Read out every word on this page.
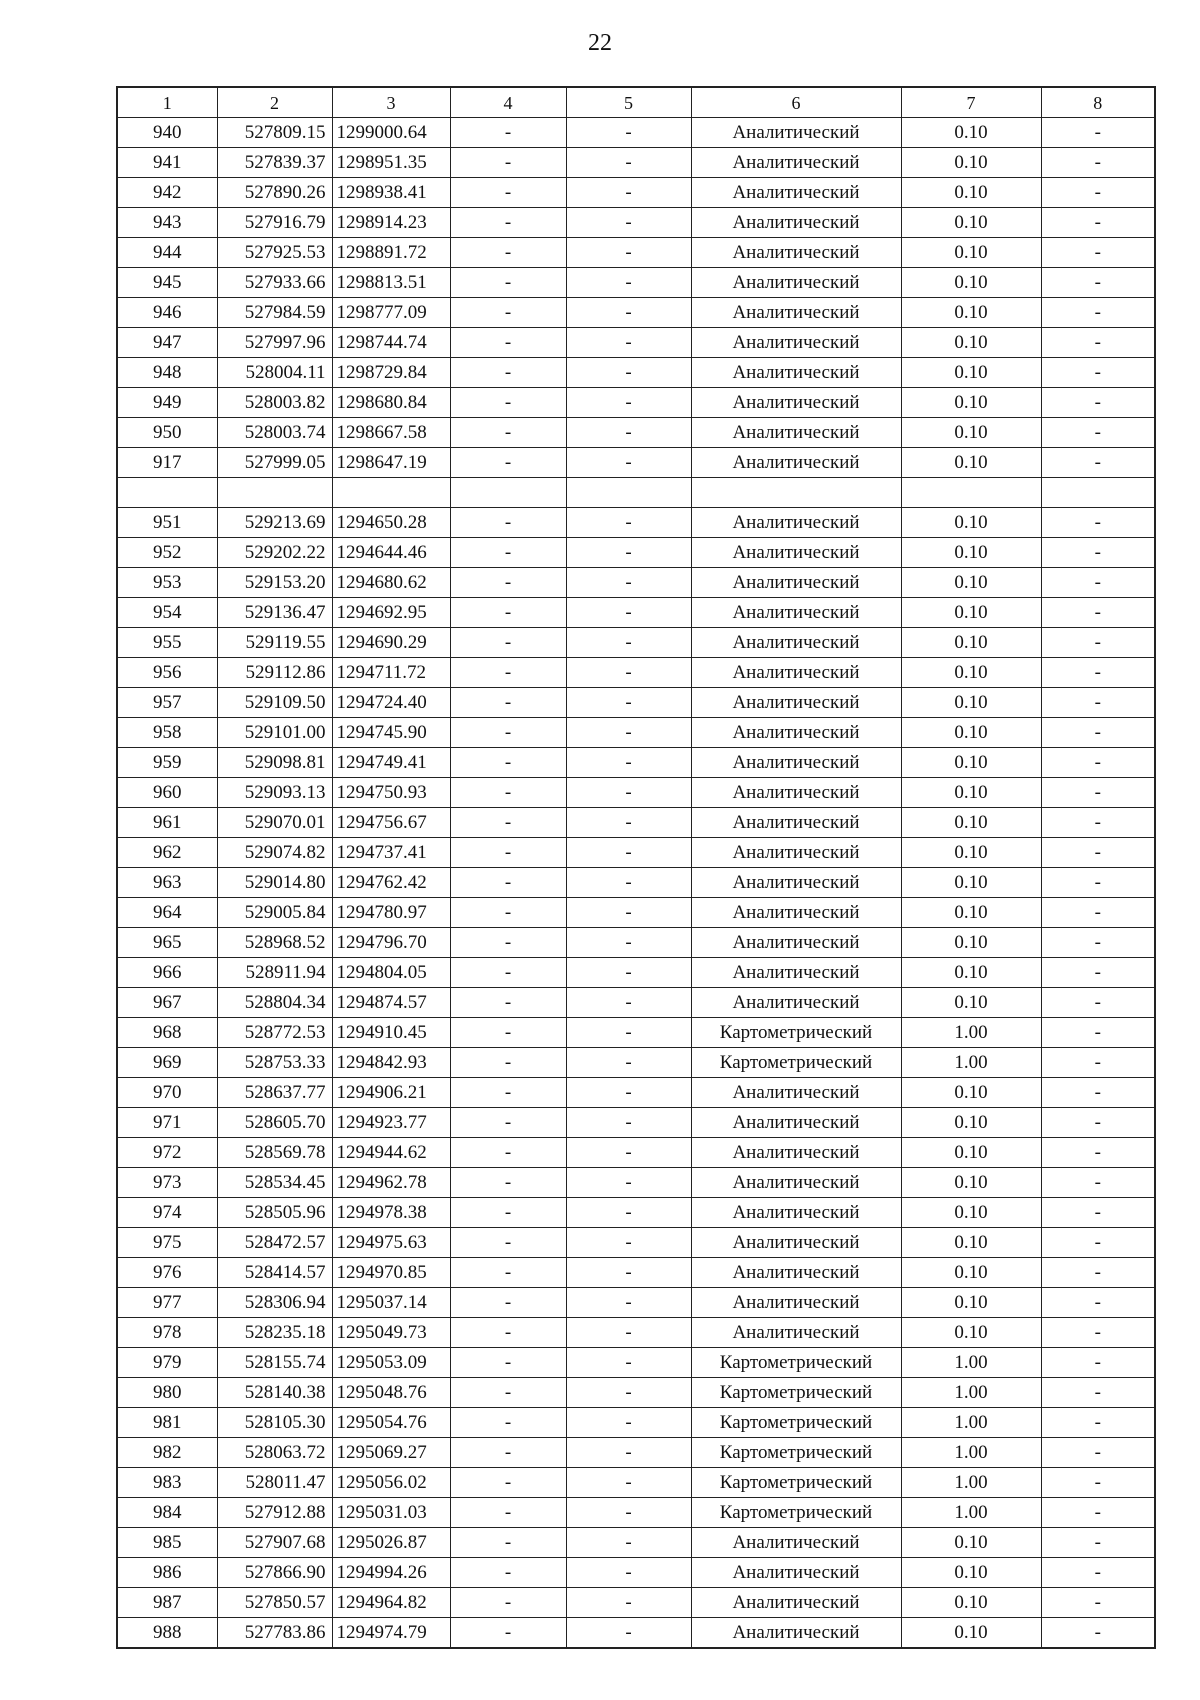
22
1	2	3	4	5	6	7	8
940	527809.15	1299000.64	-	-	Аналитический	0.10	-
941	527839.37	1298951.35	-	-	Аналитический	0.10	-
942	527890.26	1298938.41	-	-	Аналитический	0.10	-
943	527916.79	1298914.23	-	-	Аналитический	0.10	-
944	527925.53	1298891.72	-	-	Аналитический	0.10	-
945	527933.66	1298813.51	-	-	Аналитический	0.10	-
946	527984.59	1298777.09	-	-	Аналитический	0.10	-
947	527997.96	1298744.74	-	-	Аналитический	0.10	-
948	528004.11	1298729.84	-	-	Аналитический	0.10	-
949	528003.82	1298680.84	-	-	Аналитический	0.10	-
950	528003.74	1298667.58	-	-	Аналитический	0.10	-
917	527999.05	1298647.19	-	-	Аналитический	0.10	-

951	529213.69	1294650.28	-	-	Аналитический	0.10	-
952	529202.22	1294644.46	-	-	Аналитический	0.10	-
953	529153.20	1294680.62	-	-	Аналитический	0.10	-
954	529136.47	1294692.95	-	-	Аналитический	0.10	-
955	529119.55	1294690.29	-	-	Аналитический	0.10	-
956	529112.86	1294711.72	-	-	Аналитический	0.10	-
957	529109.50	1294724.40	-	-	Аналитический	0.10	-
958	529101.00	1294745.90	-	-	Аналитический	0.10	-
959	529098.81	1294749.41	-	-	Аналитический	0.10	-
960	529093.13	1294750.93	-	-	Аналитический	0.10	-
961	529070.01	1294756.67	-	-	Аналитический	0.10	-
962	529074.82	1294737.41	-	-	Аналитический	0.10	-
963	529014.80	1294762.42	-	-	Аналитический	0.10	-
964	529005.84	1294780.97	-	-	Аналитический	0.10	-
965	528968.52	1294796.70	-	-	Аналитический	0.10	-
966	528911.94	1294804.05	-	-	Аналитический	0.10	-
967	528804.34	1294874.57	-	-	Аналитический	0.10	-
968	528772.53	1294910.45	-	-	Картометрический	1.00	-
969	528753.33	1294842.93	-	-	Картометрический	1.00	-
970	528637.77	1294906.21	-	-	Аналитический	0.10	-
971	528605.70	1294923.77	-	-	Аналитический	0.10	-
972	528569.78	1294944.62	-	-	Аналитический	0.10	-
973	528534.45	1294962.78	-	-	Аналитический	0.10	-
974	528505.96	1294978.38	-	-	Аналитический	0.10	-
975	528472.57	1294975.63	-	-	Аналитический	0.10	-
976	528414.57	1294970.85	-	-	Аналитический	0.10	-
977	528306.94	1295037.14	-	-	Аналитический	0.10	-
978	528235.18	1295049.73	-	-	Аналитический	0.10	-
979	528155.74	1295053.09	-	-	Картометрический	1.00	-
980	528140.38	1295048.76	-	-	Картометрический	1.00	-
981	528105.30	1295054.76	-	-	Картометрический	1.00	-
982	528063.72	1295069.27	-	-	Картометрический	1.00	-
983	528011.47	1295056.02	-	-	Картометрический	1.00	-
984	527912.88	1295031.03	-	-	Картометрический	1.00	-
985	527907.68	1295026.87	-	-	Аналитический	0.10	-
986	527866.90	1294994.26	-	-	Аналитический	0.10	-
987	527850.57	1294964.82	-	-	Аналитический	0.10	-
988	527783.86	1294974.79	-	-	Аналитический	0.10	-
